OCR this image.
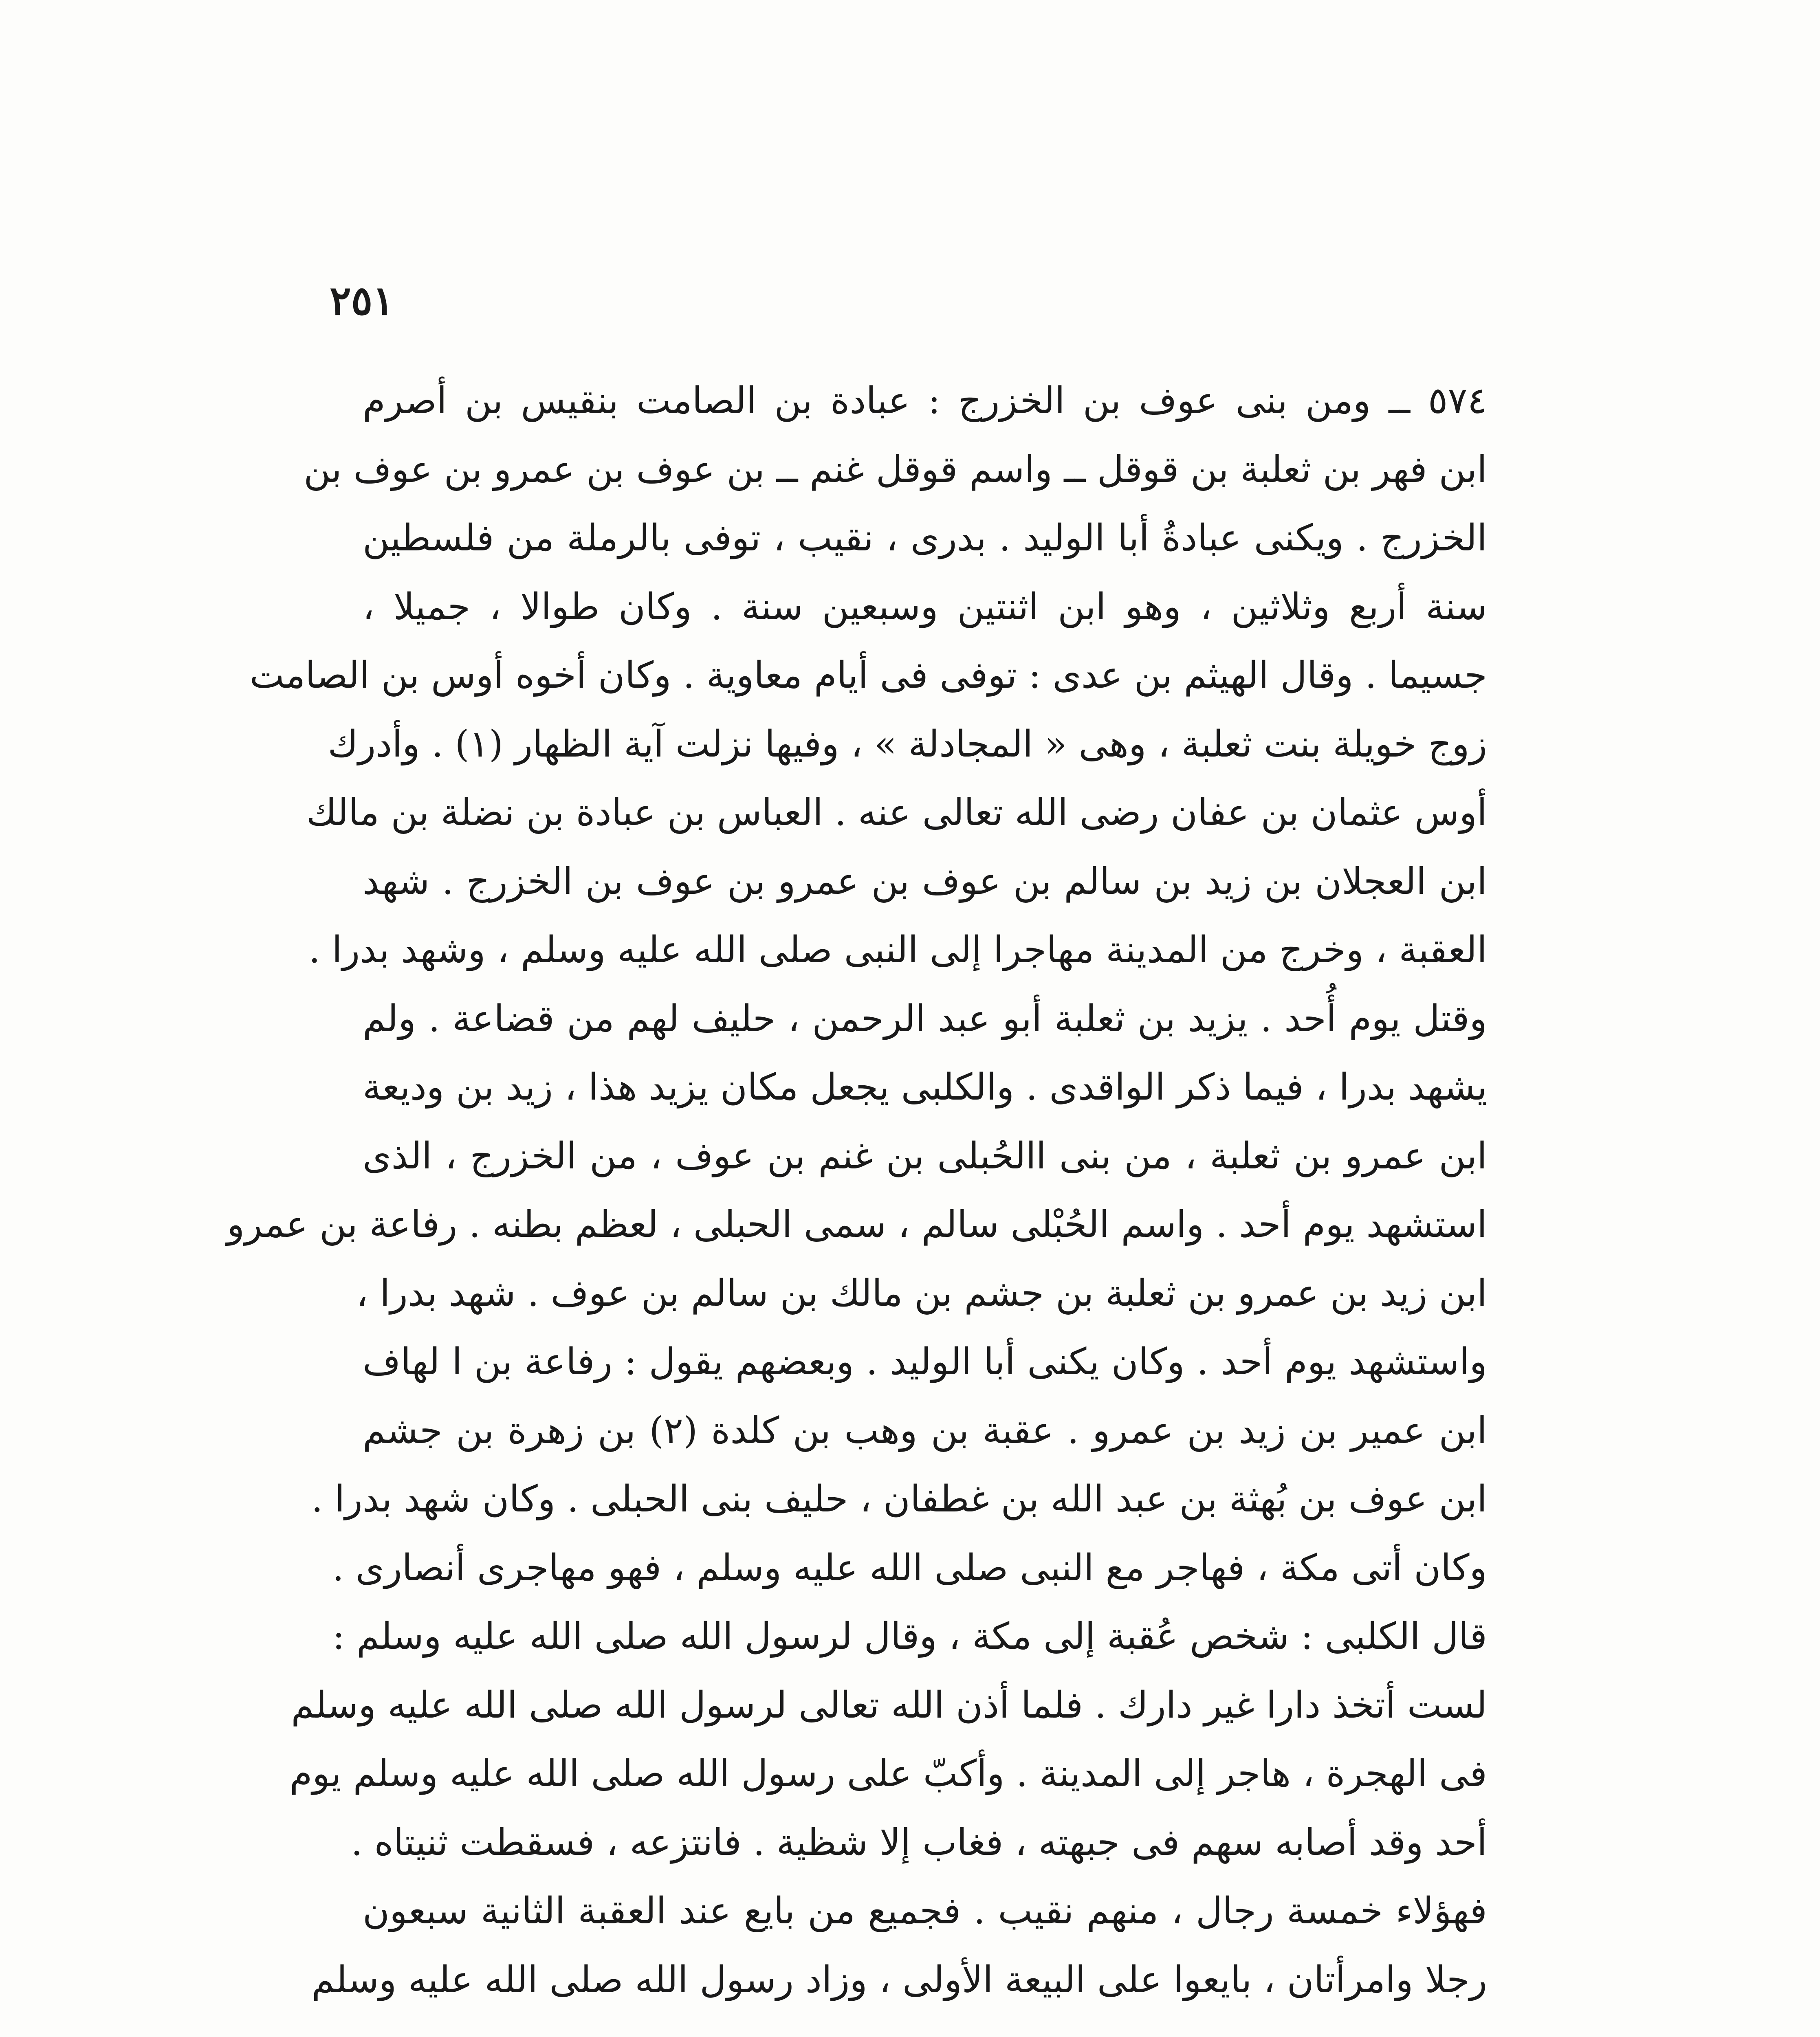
٢٥١
٥٧٤ ــ ومن بنى عوف بن الخزرج : عبادة بن الصامت بنقيس بن أصرم
ابن فهر بن ثعلبة بن قوقل ــ واسم قوقل غنم ــ بن عوف بن عمرو بن عوف بن
الخزرج . ويكنى عبادةُ أبا الوليد . بدرى ، نقيب ، توفى بالرملة من فلسطين
سنة أربع وثلاثين ، وهو ابن اثنتين وسبعين سنة . وكان طوالا ، جميلا ،
جسيما . وقال الهيثم بن عدى : توفى فى أيام معاوية . وكان أخوه أوس بن الصامت
زوج خويلة بنت ثعلبة ، وهى « المجادلة » ، وفيها نزلت آية الظهار (١) . وأدرك
أوس عثمان بن عفان رضى الله تعالى عنه . العباس بن عبادة بن نضلة بن مالك
ابن العجلان بن زيد بن سالم بن عوف بن عمرو بن عوف بن الخزرج . شهد
العقبة ، وخرج من المدينة مهاجرا إلى النبى صلى الله عليه وسلم ، وشهد بدرا .
وقتل يوم أُحد . يزيد بن ثعلبة أبو عبد الرحمن ، حليف لهم من قضاعة . ولم
يشهد بدرا ، فيما ذكر الواقدى . والكلبى يجعل مكان يزيد هذا ، زيد بن وديعة
ابن عمرو بن ثعلبة ، من بنى االحُبلى بن غنم بن عوف ، من الخزرج ، الذى
استشهد يوم أحد . واسم الحُبْلى سالم ، سمى الحبلى ، لعظم بطنه . رفاعة بن عمرو
ابن زيد بن عمرو بن ثعلبة بن جشم بن مالك بن سالم بن عوف . شهد بدرا ،
واستشهد يوم أحد . وكان يكنى أبا الوليد . وبعضهم يقول : رفاعة بن ا لهاف
ابن عمير بن زيد بن عمرو . عقبة بن وهب بن كلدة (٢) بن زهرة بن جشم
ابن عوف بن بُهثة بن عبد الله بن غطفان ، حليف بنى الحبلى . وكان شهد بدرا .
وكان أتى مكة ، فهاجر مع النبى صلى الله عليه وسلم ، فهو مهاجرى أنصارى .
قال الكلبى : شخص عُقبة إلى مكة ، وقال لرسول الله صلى الله عليه وسلم :
لست أتخذ دارا غير دارك . فلما أذن الله تعالى لرسول الله صلى الله عليه وسلم
فى الهجرة ، هاجر إلى المدينة . وأكبّ على رسول الله صلى الله عليه وسلم يوم
أحد وقد أصابه سهم فى جبهته ، فغاب إلا شظية . فانتزعه ، فسقطت ثنيتاه .
فهؤلاء خمسة رجال ، منهم نقيب . فجميع من بايع عند العقبة الثانية سبعون
رجلا وامرأتان ، بايعوا على البيعة الأولى ، وزاد رسول الله صلى الله عليه وسلم
